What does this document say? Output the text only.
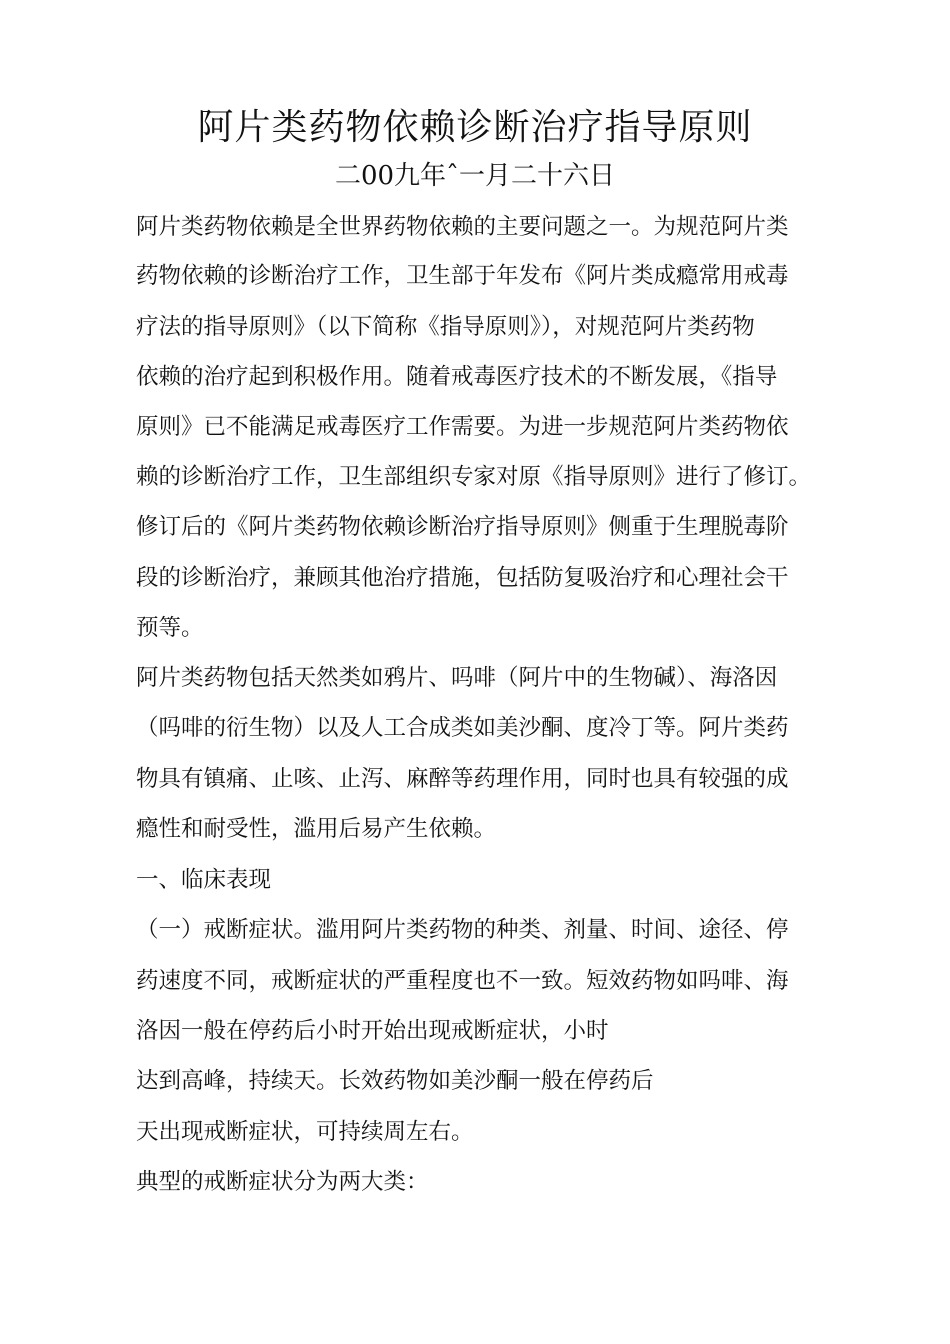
阿片类药物依赖诊断治疗指导原则
二00九年ˆ一月二十六日
阿片类药物依赖是全世界药物依赖的主要问题之一。为规范阿片类
药物依赖的诊断治疗工作，卫生部于年发布《阿片类成瘾常用戒毒
疗法的指导原则》（以下简称《指导原则》），对规范阿片类药物
依赖的治疗起到积极作用。随着戒毒医疗技术的不断发展，《指导
原则》已不能满足戒毒医疗工作需要。为进一步规范阿片类药物依
赖的诊断治疗工作，卫生部组织专家对原《指导原则》进行了修订。
修订后的《阿片类药物依赖诊断治疗指导原则》侧重于生理脱毒阶
段的诊断治疗，兼顾其他治疗措施，包括防复吸治疗和心理社会干
预等。
阿片类药物包括天然类如鸦片、吗啡（阿片中的生物碱）、海洛因
（吗啡的衍生物）以及人工合成类如美沙酮、度冷丁等。阿片类药
物具有镇痛、止咳、止泻、麻醉等药理作用，同时也具有较强的成
瘾性和耐受性，滥用后易产生依赖。
一、临床表现
（一）戒断症状。滥用阿片类药物的种类、剂量、时间、途径、停
药速度不同，戒断症状的严重程度也不一致。短效药物如吗啡、海
洛因一般在停药后小时开始出现戒断症状，小时
达到高峰，持续天。长效药物如美沙酮一般在停药后
天出现戒断症状，可持续周左右。
典型的戒断症状分为两大类：
